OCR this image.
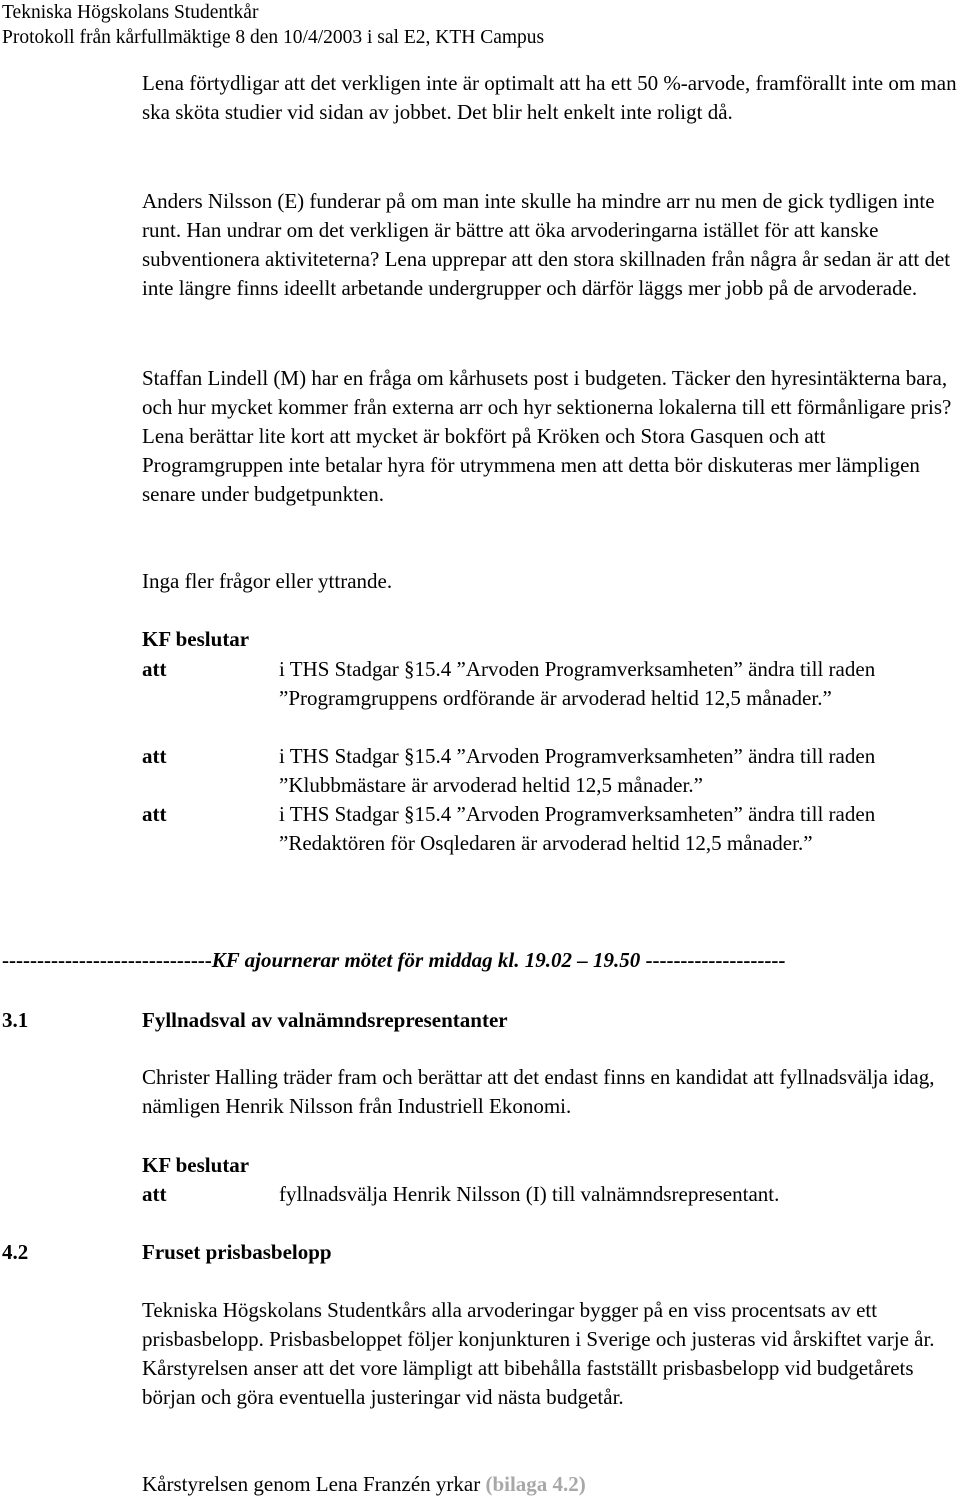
Tekniska Högskolans Studentkår
Protokoll från kårfullmäktige 8 den 10/4/2003 i sal E2, KTH Campus
Lena förtydligar att det verkligen inte är optimalt att ha ett 50 %-arvode, framförallt inte om man ska sköta studier vid sidan av jobbet. Det blir helt enkelt inte roligt då.
Anders Nilsson (E) funderar på om man inte skulle ha mindre arr nu men de gick tydligen inte runt. Han undrar om det verkligen är bättre att öka arvoderingarna istället för att kanske subventionera aktiviteterna? Lena upprepar att den stora skillnaden från några år sedan är att det inte längre finns ideellt arbetande undergrupper och därför läggs mer jobb på de arvoderade.
Staffan Lindell (M) har en fråga om kårhusets post i budgeten. Täcker den hyresintäkterna bara, och hur mycket kommer från externa arr och hyr sektionerna lokalerna till ett förmånligare pris? Lena berättar lite kort att mycket är bokfört på Kröken och Stora Gasquen och att Programgruppen inte betalar hyra för utrymmena men att detta bör diskuteras mer lämpligen senare under budgetpunkten.
Inga fler frågor eller yttrande.
KF beslutar
att	i THS Stadgar §15.4 ”Arvoden Programverksamheten” ändra till raden ”Programgruppens ordförande är arvoderad heltid 12,5 månader.”
att	i THS Stadgar §15.4 ”Arvoden Programverksamheten” ändra till raden ”Klubbmästare är arvoderad heltid 12,5 månader.”
att	i THS Stadgar §15.4 ”Arvoden Programverksamheten” ändra till raden ”Redaktören för Osqledaren är arvoderad heltid 12,5 månader.”
------------------------------KF ajournerar mötet för middag kl. 19.02 – 19.50 --------------------
3.1	Fyllnadsval av valnämndsrepresentanter
Christer Halling träder fram och berättar att det endast finns en kandidat att fyllnadsvälja idag, nämligen Henrik Nilsson från Industriell Ekonomi.
KF beslutar
att	fyllnadsvälja Henrik Nilsson (I) till valnämndsrepresentant.
4.2	Fruset prisbasbelopp
Tekniska Högskolans Studentkårs alla arvoderingar bygger på en viss procentsats av ett prisbasbelopp. Prisbasbeloppet följer konjunkturen i Sverige och justeras vid årskiftet varje år. Kårstyrelsen anser att det vore lämpligt att bibehålla fastställt prisbasbelopp vid budgetårets början och göra eventuella justeringar vid nästa budgetår.
Kårstyrelsen genom Lena Franzén yrkar (bilaga 4.2)
